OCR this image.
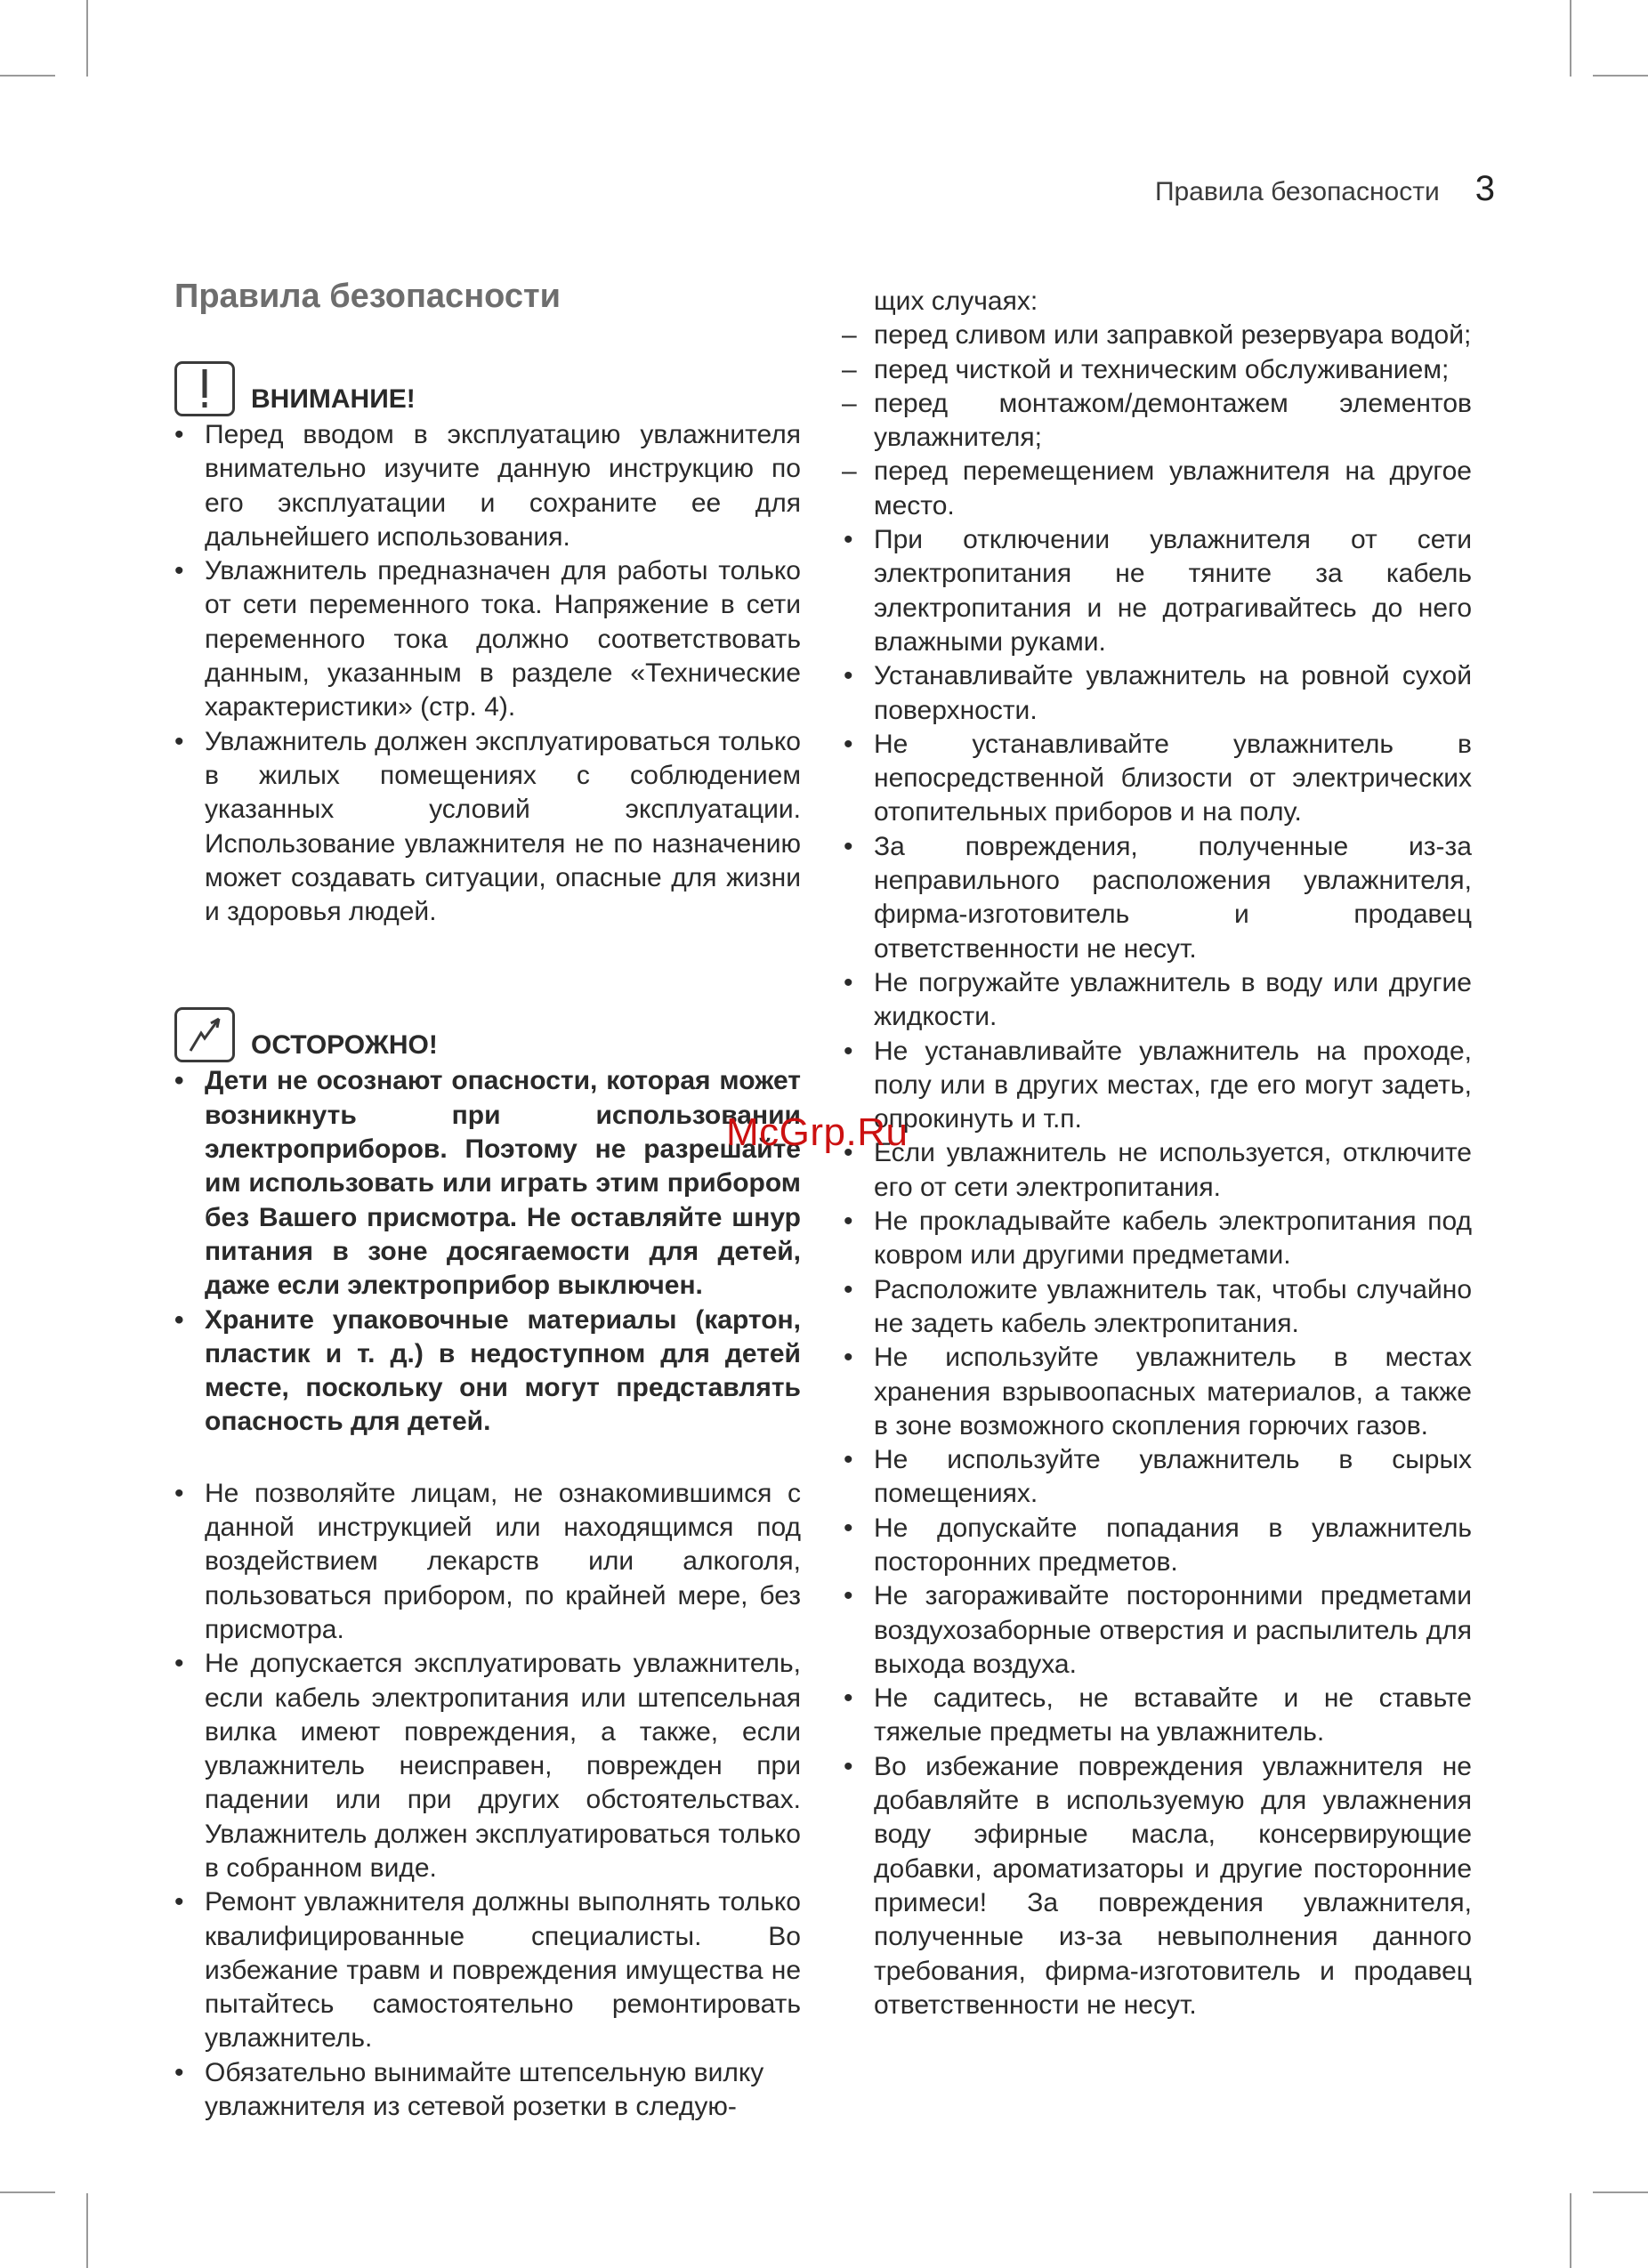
Правила безопасности 3
Правила безопасности
ВНИМАНИЕ!
• Перед вводом в эксплуатацию увлажнителя внимательно изучите данную инструкцию по его эксплуатации и сохраните ее для дальнейшего использования.
• Увлажнитель предназначен для работы только от сети переменного тока. Напряжение в сети переменного тока должно соответствовать данным, указанным в разделе «Технические характеристики» (стр. 4).
• Увлажнитель должен эксплуатироваться только в жилых помещениях с соблюдением указанных условий эксплуатации. Использование увлажнителя не по назначению может создавать ситуации, опасные для жизни и здоровья людей.
ОСТОРОЖНО!
• Дети не осознают опасности, которая может возникнуть при использовании электроприборов. Поэтому не разрешайте им использовать или играть этим прибором без Вашего присмотра. Не оставляйте шнур питания в зоне досягаемости для детей, даже если электроприбор выключен.
• Храните упаковочные материалы (картон, пластик и т. д.) в недоступном для детей месте, поскольку они могут представлять опасность для детей.
• Не позволяйте лицам, не ознакомившимся с данной инструкцией или находящимся под воздействием лекарств или алкоголя, пользоваться прибором, по крайней мере, без присмотра.
• Не допускается эксплуатировать увлажнитель, если кабель электропитания или штепсельная вилка имеют повреждения, а также, если увлажнитель неисправен, поврежден при падении или при других обстоятельствах. Увлажнитель должен эксплуатироваться только в собранном виде.
• Ремонт увлажнителя должны выполнять только квалифицированные специалисты. Во избежание травм и повреждения имущества не пытайтесь самостоятельно ремонтировать увлажнитель.
• Обязательно вынимайте штепсельную вилку увлажнителя из сетевой розетки в следую-
щих случаях:
– перед сливом или заправкой резервуара водой;
– перед чисткой и техническим обслуживанием;
– перед монтажом/демонтажем элементов увлажнителя;
– перед перемещением увлажнителя на другое место.
• При отключении увлажнителя от сети электропитания не тяните за кабель электропитания и не дотрагивайтесь до него влажными руками.
• Устанавливайте увлажнитель на ровной сухой поверхности.
• Не устанавливайте увлажнитель в непосредственной близости от электрических отопительных приборов и на полу.
• За повреждения, полученные из-за неправильного расположения увлажнителя, фирма-изготовитель и продавец ответственности не несут.
• Не погружайте увлажнитель в воду или другие жидкости.
• Не устанавливайте увлажнитель на проходе, полу или в других местах, где его могут задеть, опрокинуть и т.п.
• Если увлажнитель не используется, отключите его от сети электропитания.
• Не прокладывайте кабель электропитания под ковром или другими предметами.
• Расположите увлажнитель так, чтобы случайно не задеть кабель электропитания.
• Не используйте увлажнитель в местах хранения взрывоопасных материалов, а также в зоне возможного скопления горючих газов.
• Не используйте увлажнитель в сырых помещениях.
• Не допускайте попадания в увлажнитель посторонних предметов.
• Не загораживайте посторонними предметами воздухозаборные отверстия и распылитель для выхода воздуха.
• Не садитесь, не вставайте и не ставьте тяжелые предметы на увлажнитель.
• Во избежание повреждения увлажнителя не добавляйте в используемую для увлажнения воду эфирные масла, консервирующие добавки, ароматизаторы и другие посторонние примеси! За повреждения увлажнителя, полученные из-за невыполнения данного требования, фирма-изготовитель и продавец ответственности не несут.
McGrp.Ru
